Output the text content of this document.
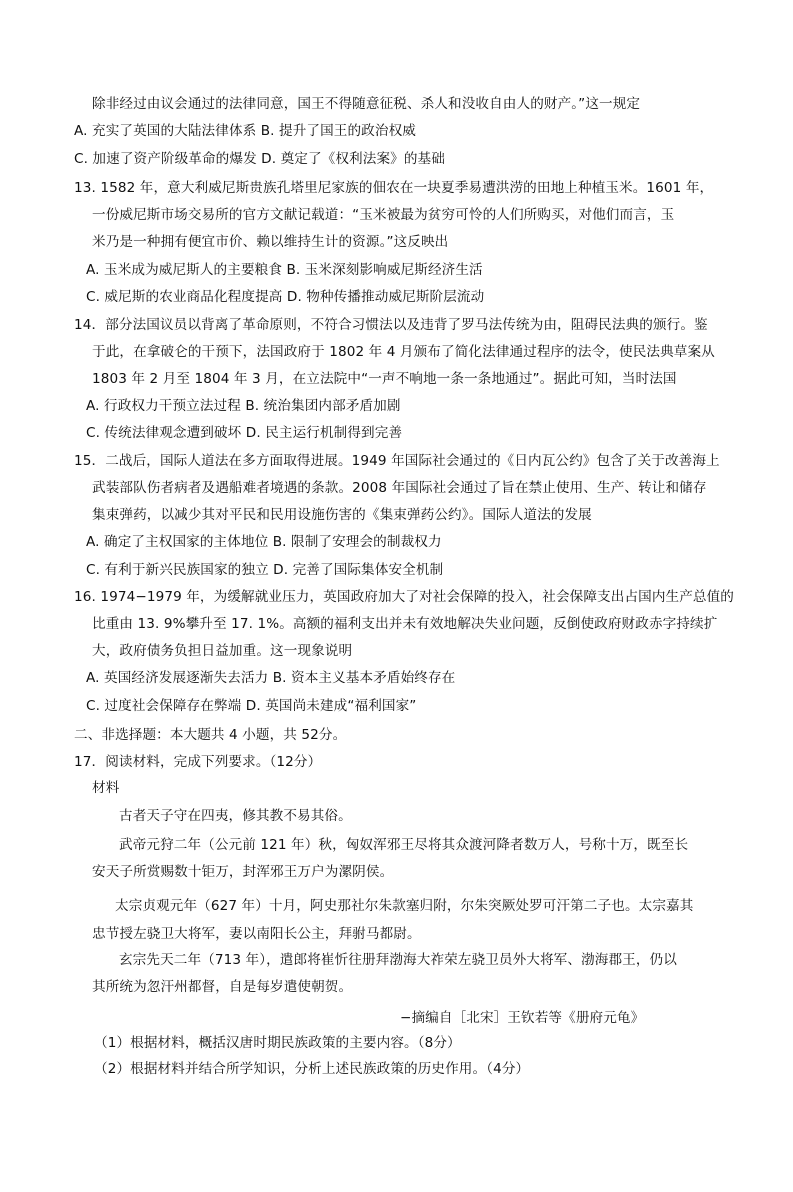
除非经过由议会通过的法律同意，国王不得随意征税、杀人和没收自由人的财产。”这一规定
A. 充实了英国的大陆法律体系 B. 提升了国王的政治权威
C. 加速了资产阶级革命的爆发 D. 奠定了《权利法案》的基础
13. 1582 年，意大利威尼斯贵族孔塔里尼家族的佃农在一块夏季易遭洪涝的田地上种植玉米。1601 年，
一份威尼斯市场交易所的官方文献记载道：“玉米被最为贫穷可怜的人们所购买，对他们而言，玉
米乃是一种拥有便宜市价、赖以维持生计的资源。”这反映出
A. 玉米成为威尼斯人的主要粮食 B. 玉米深刻影响威尼斯经济生活
C. 威尼斯的农业商品化程度提高 D. 物种传播推动威尼斯阶层流动
14．部分法国议员以背离了革命原则，不符合习惯法以及违背了罗马法传统为由，阻碍民法典的颁行。鉴
于此，在拿破仑的干预下，法国政府于 1802 年 4 月颁布了简化法律通过程序的法令，使民法典草案从
1803 年 2 月至 1804 年 3 月，在立法院中“一声不响地一条一条地通过”。据此可知，当时法国
A. 行政权力干预立法过程 B. 统治集团内部矛盾加剧
C. 传统法律观念遭到破坏 D. 民主运行机制得到完善
15．二战后，国际人道法在多方面取得进展。1949 年国际社会通过的《日内瓦公约》包含了关于改善海上
武装部队伤者病者及遇船难者境遇的条款。2008 年国际社会通过了旨在禁止使用、生产、转让和储存
集束弹药，以减少其对平民和民用设施伤害的《集束弹药公约》。国际人道法的发展
A. 确定了主权国家的主体地位 B. 限制了安理会的制裁权力
C. 有利于新兴民族国家的独立 D. 完善了国际集体安全机制
16. 1974−1979 年，为缓解就业压力，英国政府加大了对社会保障的投入，社会保障支出占国内生产总值的
比重由 13. 9%攀升至 17. 1%。高额的福利支出并未有效地解决失业问题，反倒使政府财政赤字持续扩
大，政府债务负担日益加重。这一现象说明
A. 英国经济发展逐渐失去活力 B. 资本主义基本矛盾始终存在
C. 过度社会保障存在弊端 D. 英国尚未建成“福利国家”
二、非选择题：本大题共 4 小题，共 52分。
17．阅读材料，完成下列要求。（12分）
材料
古者天子守在四夷，修其教不易其俗。
武帝元狩二年（公元前 121 年）秋，匈奴浑邪王尽将其众渡河降者数万人，号称十万，既至长
安天子所赏赐数十钜万，封浑邪王万户为漯阴侯。
太宗贞观元年（627 年）十月，阿史那社尔朱款塞归附，尔朱突厥处罗可汗第二子也。太宗嘉其
忠节授左骁卫大将军，妻以南阳长公主，拜驸马都尉。
玄宗先天二年（713 年），遣郎将崔忻往册拜渤海大祚荣左骁卫员外大将军、渤海郡王，仍以
其所统为忽汗州都督，自是每岁遣使朝贺。
−摘编自［北宋］王钦若等《册府元龟》
（1）根据材料，概括汉唐时期民族政策的主要内容。（8分）
（2）根据材料并结合所学知识，分析上述民族政策的历史作用。（4分）
